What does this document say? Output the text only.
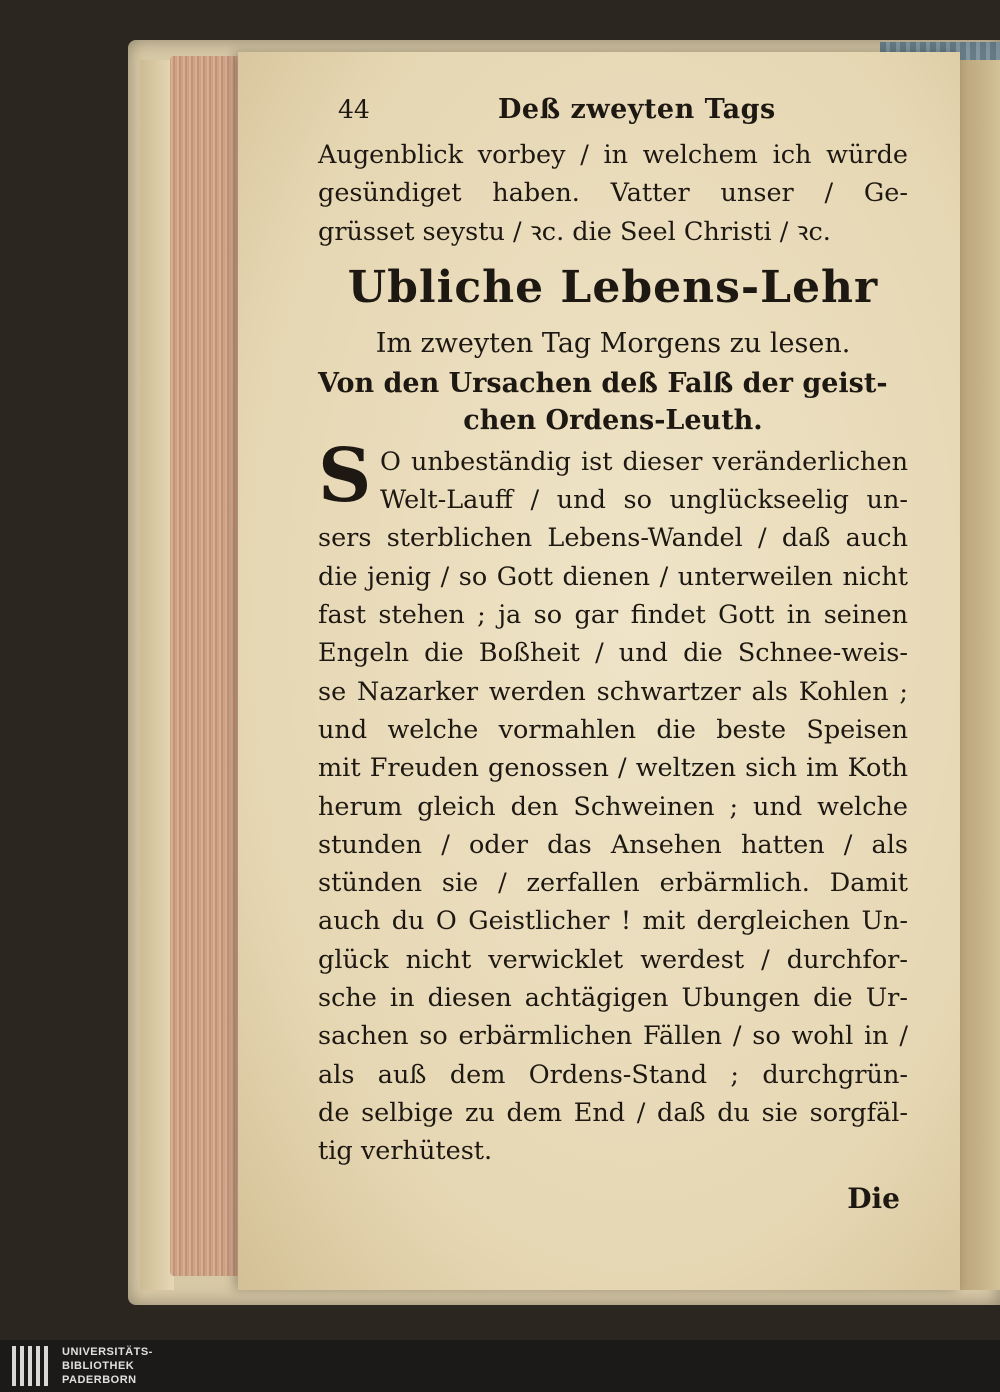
44	Deß zweyten Tags
Augenblick vorbey / in welchem ich würde
gesündiget haben. Vatter unser / Ge-
grüsset seystu / ꝛc. die Seel Christi / ꝛc.
Ubliche Lebens-Lehr
Im zweyten Tag Morgens zu lesen.
Von den Ursachen deß Falß der geist-
chen Ordens-Leuth.
S O unbeständig ist dieser veränderlichen
Welt-Lauff / und so unglückseelig un-
sers sterblichen Lebens-Wandel / daß auch
die jenig / so Gott dienen / unterweilen nicht
fast stehen ; ja so gar findet Gott in seinen
Engeln die Boßheit / und die Schnee-weis-
se Nazarker werden schwartzer als Kohlen ;
und welche vormahlen die beste Speisen
mit Freuden genossen / weltzen sich im Koth
herum gleich den Schweinen ; und welche
stunden / oder das Ansehen hatten / als
stünden sie / zerfallen erbärmlich. Damit
auch du O Geistlicher ! mit dergleichen Un-
glück nicht verwicklet werdest / durchfor-
sche in diesen achtägigen Ubungen die Ur-
sachen so erbärmlichen Fällen / so wohl in /
als auß dem Ordens-Stand ; durchgrün-
de selbige zu dem End / daß du sie sorgfäl-
tig verhütest.
Die
UNIVERSITÄTS-
BIBLIOTHEK
PADERBORN
